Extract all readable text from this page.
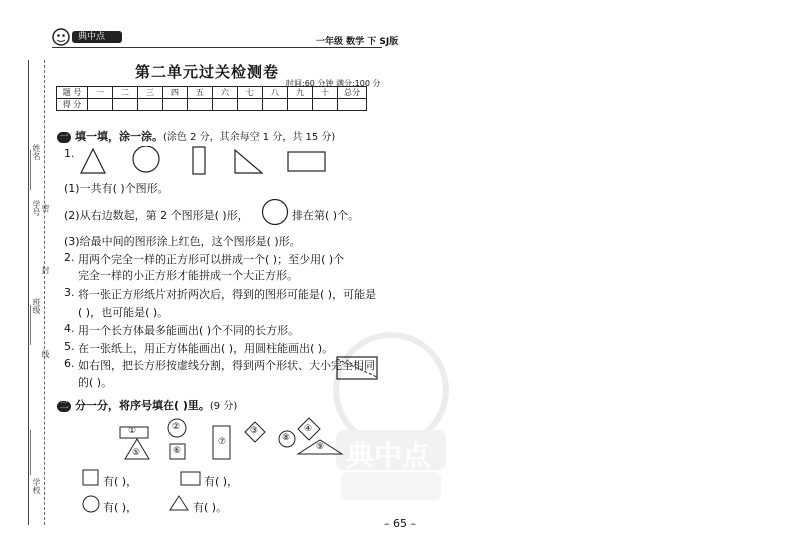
姓名
学号 密
封
班级
线
学校
典中点	一年级 数学 下 SJ版
第二单元过关检测卷
时间:60 分钟 满分:100 分
题 号	一	二	三	四	五	六	七	八	九	十	总分
得 分											
典中点
一 填一填，涂一涂。(涂色 2 分，其余每空 1 分，共 15 分)
1.
(1)一共有( )个图形。
(2)从右边数起，第 2 个图形是( )形，	排在第( )个。
(3)给最中间的图形涂上红色，这个图形是( )形。
2. 用两个完全一样的正方形可以拼成一个( )；至少用( )个
完全一样的小正方形才能拼成一个大正方形。
3. 将一张正方形纸片对折两次后，得到的图形可能是( )，可能是
( )，也可能是( )。
4. 用一个长方体最多能画出( )个不同的长方形。
5. 在一张纸上，用正方体能画出( )，用圆柱能画出( )。
6. 如右图，把长方形按虚线分割，得到两个形状、大小完全相同
的( )。
二 分一分，将序号填在( )里。(9 分)
①	②	③	④
⑤	⑥
⑦	⑧
⑨
有( )，	有( )，
有( )，	有( )。
– 65 –
